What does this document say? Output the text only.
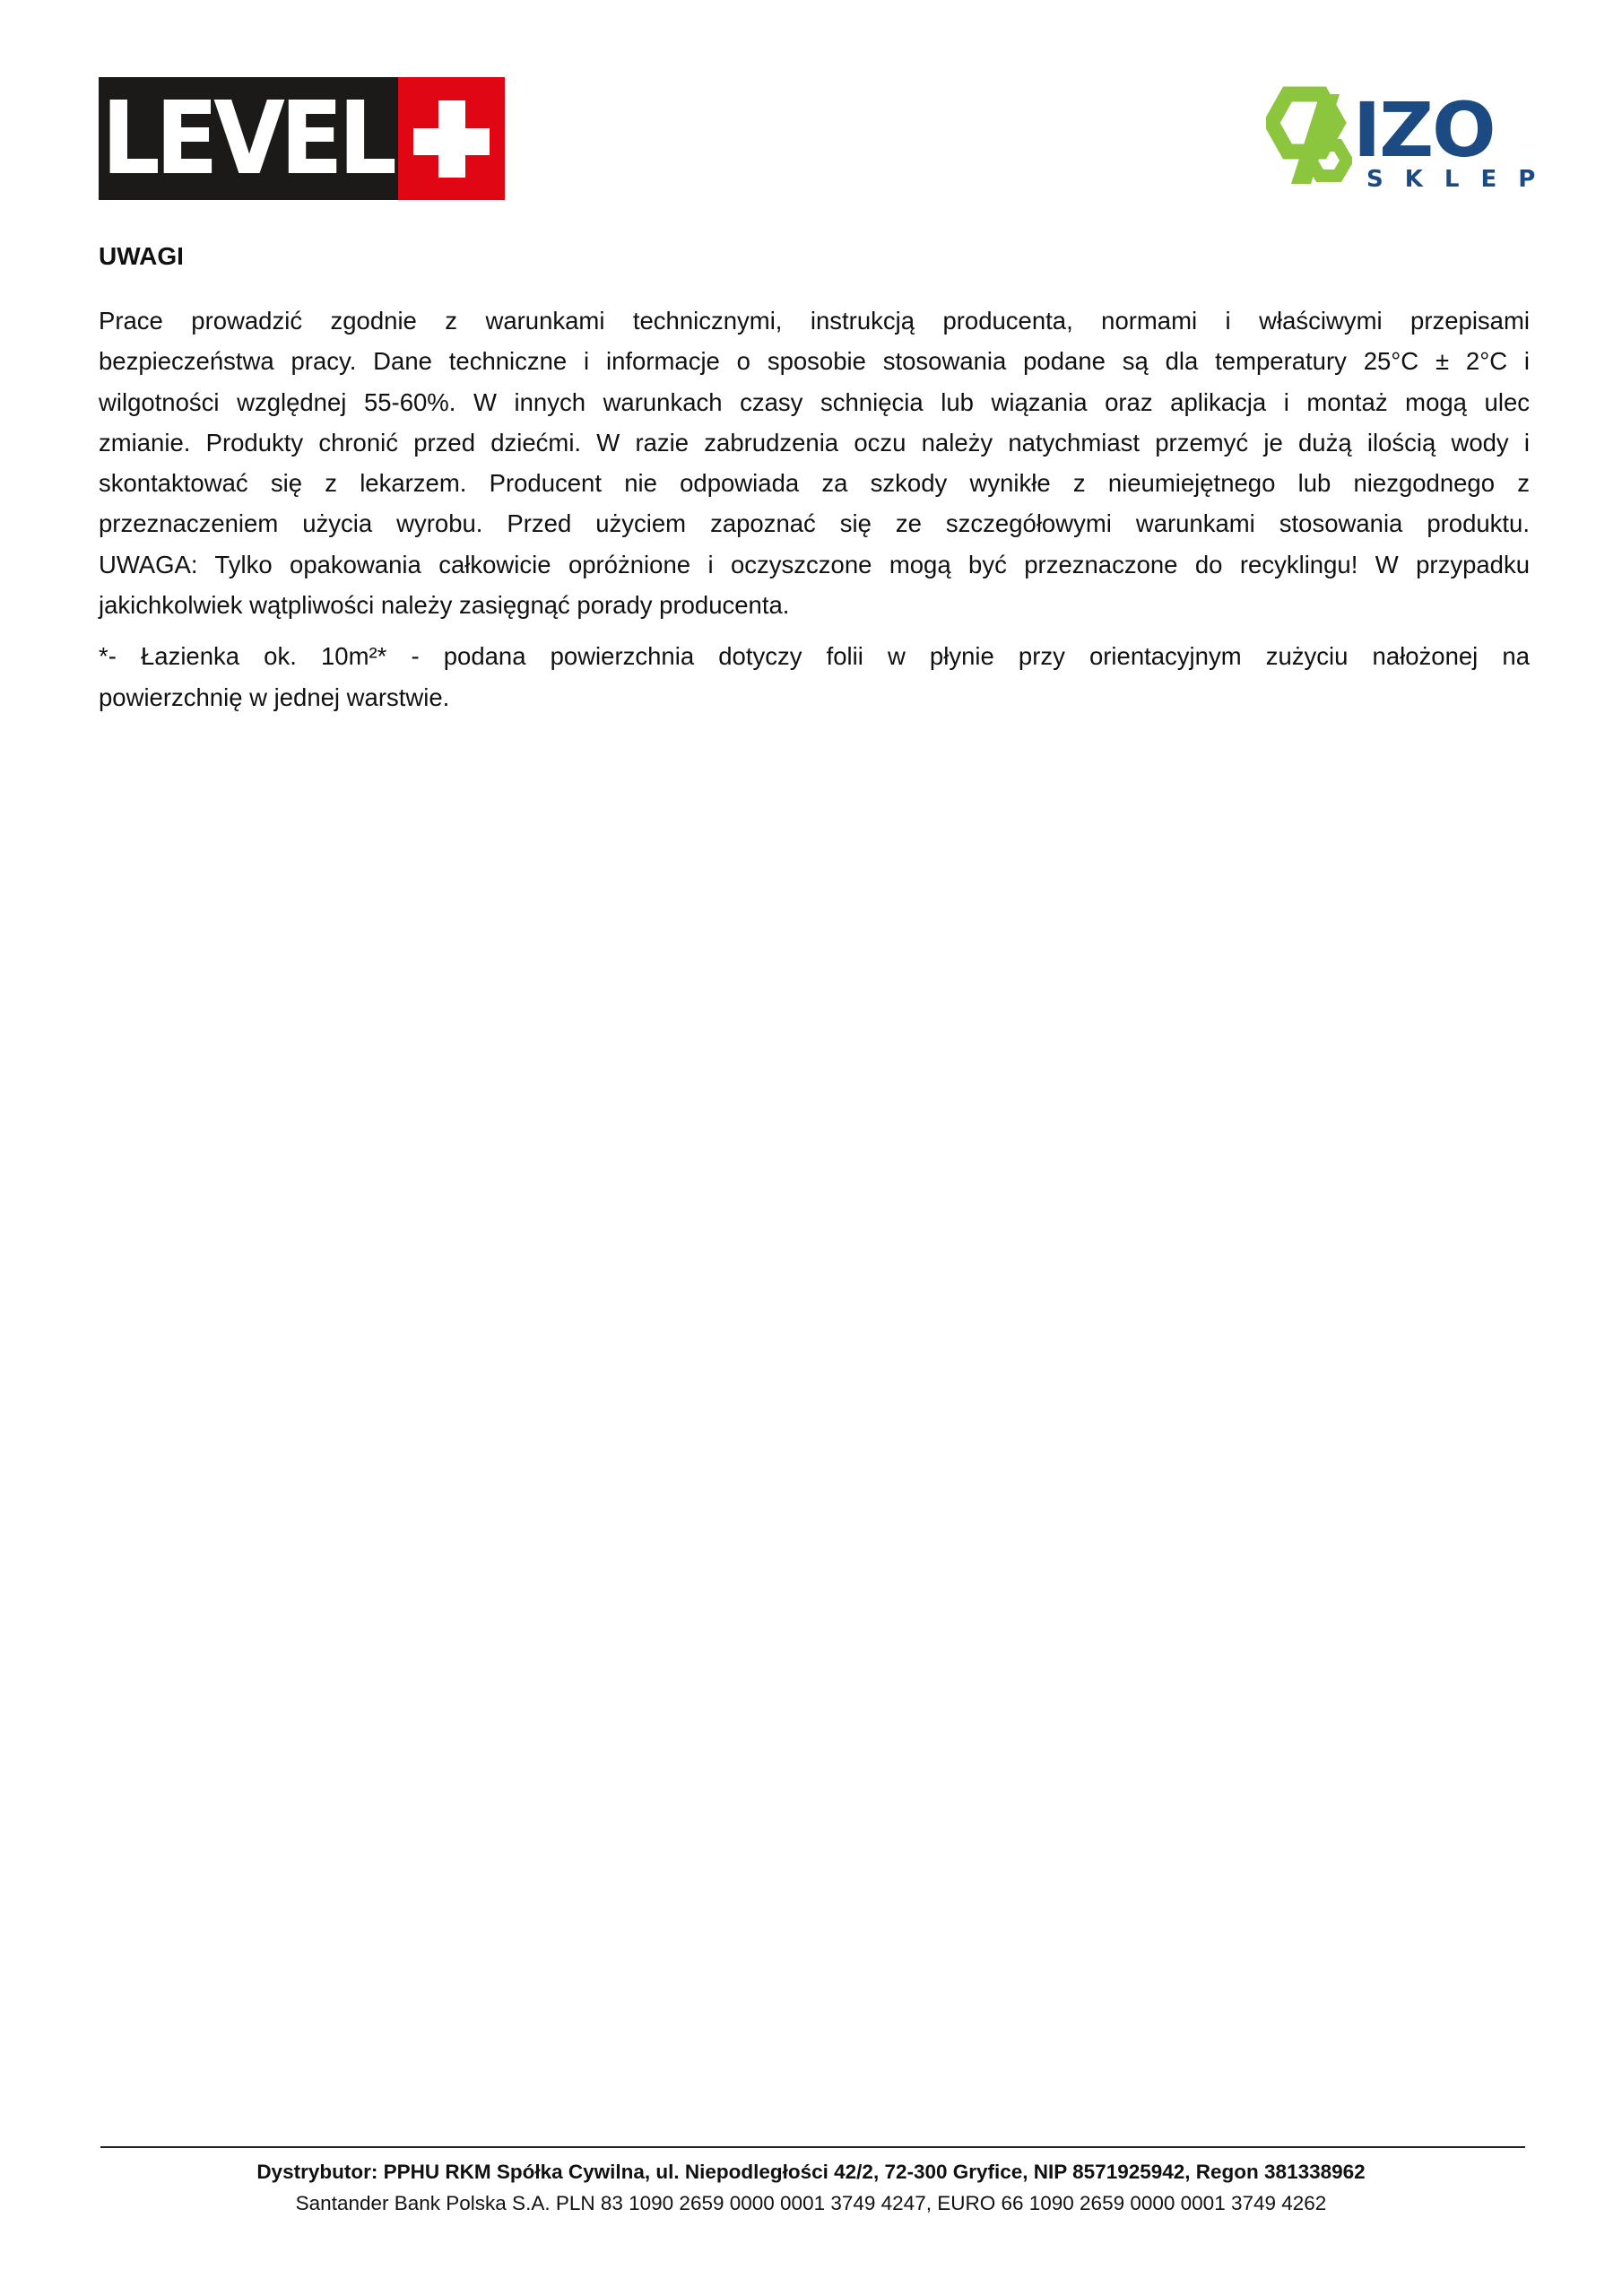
LEVEL	IZO
SKLEP
UWAGI

Prace prowadzić zgodnie z warunkami technicznymi, instrukcją producenta, normami i właściwymi przepisami
bezpieczeństwa pracy. Dane techniczne i informacje o sposobie stosowania podane są dla temperatury 25°C ± 2°C i
wilgotności względnej 55-60%. W innych warunkach czasy schnięcia lub wiązania oraz aplikacja i montaż mogą ulec
zmianie. Produkty chronić przed dziećmi. W razie zabrudzenia oczu należy natychmiast przemyć je dużą ilością wody i
skontaktować się z lekarzem. Producent nie odpowiada za szkody wynikłe z nieumiejętnego lub niezgodnego z
przeznaczeniem użycia wyrobu. Przed użyciem zapoznać się ze szczegółowymi warunkami stosowania produktu.
UWAGA: Tylko opakowania całkowicie opróżnione i oczyszczone mogą być przeznaczone do recyklingu! W przypadku
jakichkolwiek wątpliwości należy zasięgnąć porady producenta.

*- Łazienka ok. 10m²* - podana powierzchnia dotyczy folii w płynie przy orientacyjnym zużyciu nałożonej na
powierzchnię w jednej warstwie.

Dystrybutor: PPHU RKM Spółka Cywilna, ul. Niepodległości 42/2, 72-300 Gryfice, NIP 8571925942, Regon 381338962
Santander Bank Polska S.A. PLN 83 1090 2659 0000 0001 3749 4247, EURO 66 1090 2659 0000 0001 3749 4262
